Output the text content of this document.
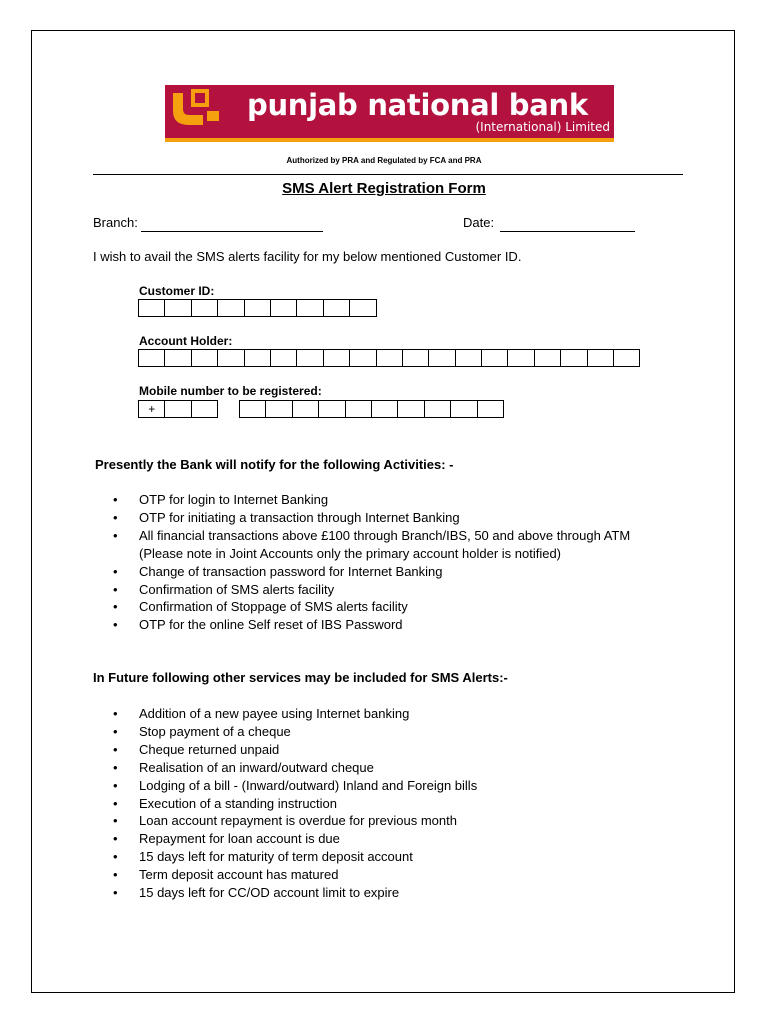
punjab national bank
(International) Limited
Authorized by PRA and Regulated by FCA and PRA
SMS Alert Registration Form
Branch:	Date:
I wish to avail the SMS alerts facility for my below mentioned Customer ID.
Customer ID:
Account Holder:
Mobile number to be registered:
+
Presently the Bank will notify for the following Activities: -
• OTP for login to Internet Banking
• OTP for initiating a transaction through Internet Banking
• All financial transactions above £100 through Branch/IBS, 50 and above through ATM
(Please note in Joint Accounts only the primary account holder is notified)
• Change of transaction password for Internet Banking
• Confirmation of SMS alerts facility
• Confirmation of Stoppage of SMS alerts facility
• OTP for the online Self reset of IBS Password
In Future following other services may be included for SMS Alerts:-
• Addition of a new payee using Internet banking
• Stop payment of a cheque
• Cheque returned unpaid
• Realisation of an inward/outward cheque
• Lodging of a bill - (Inward/outward) Inland and Foreign bills
• Execution of a standing instruction
• Loan account repayment is overdue for previous month
• Repayment for loan account is due
• 15 days left for maturity of term deposit account
• Term deposit account has matured
• 15 days left for CC/OD account limit to expire
